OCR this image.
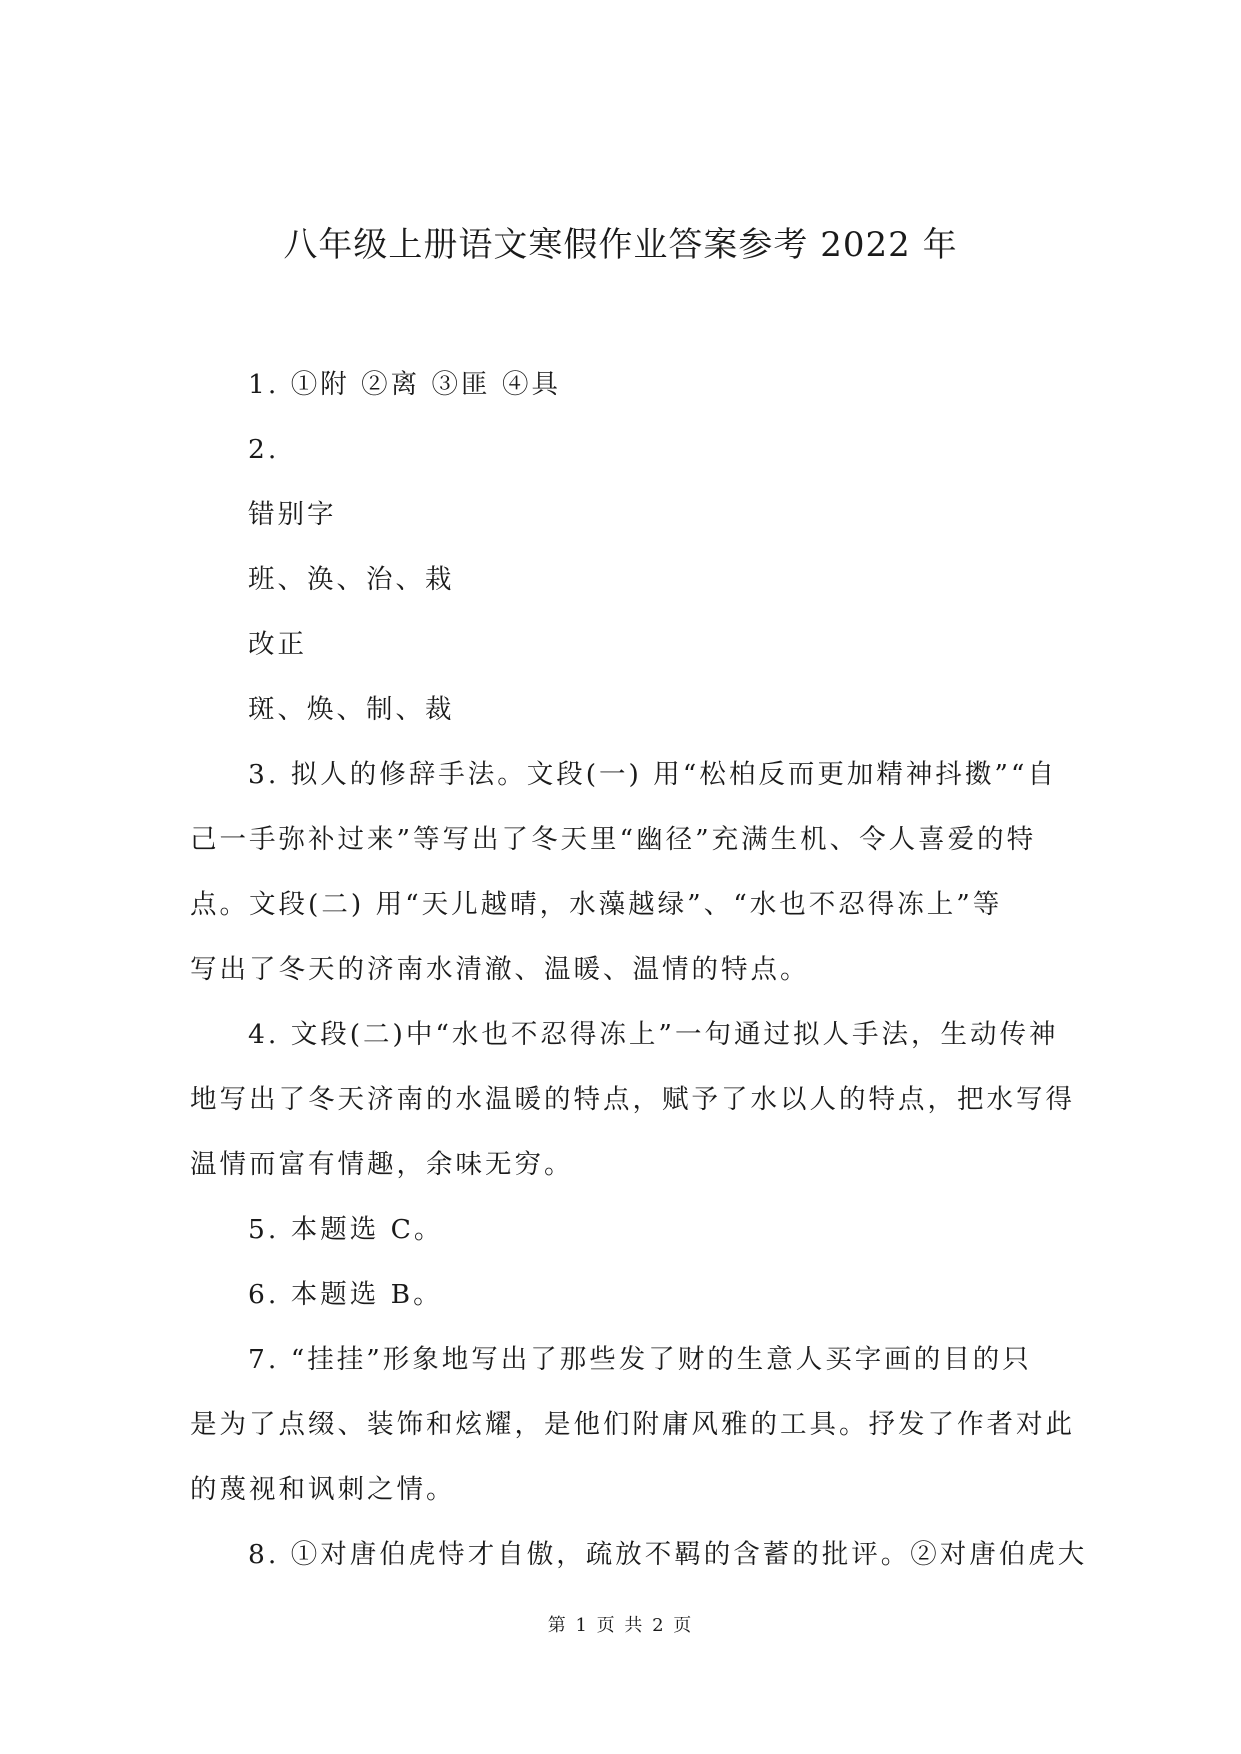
八年级上册语文寒假作业答案参考 2022 年
1. ①附 ②离 ③匪 ④具
2.
错别字
班、涣、治、栽
改正
斑、焕、制、裁
3. 拟人的修辞手法。文段(一) 用“松柏反而更加精神抖擞”“自
己一手弥补过来”等写出了冬天里“幽径”充满生机、令人喜爱的特
点。文段(二) 用“天儿越晴，水藻越绿”、“水也不忍得冻上”等
写出了冬天的济南水清澈、温暖、温情的特点。
4. 文段(二)中“水也不忍得冻上”一句通过拟人手法，生动传神
地写出了冬天济南的水温暖的特点，赋予了水以人的特点，把水写得
温情而富有情趣，余味无穷。
5. 本题选 C。
6. 本题选 B。
7. “挂挂”形象地写出了那些发了财的生意人买字画的目的只
是为了点缀、装饰和炫耀，是他们附庸风雅的工具。抒发了作者对此
的蔑视和讽刺之情。
8. ①对唐伯虎恃才自傲，疏放不羁的含蓄的批评。②对唐伯虎大
第 1 页 共 2 页
